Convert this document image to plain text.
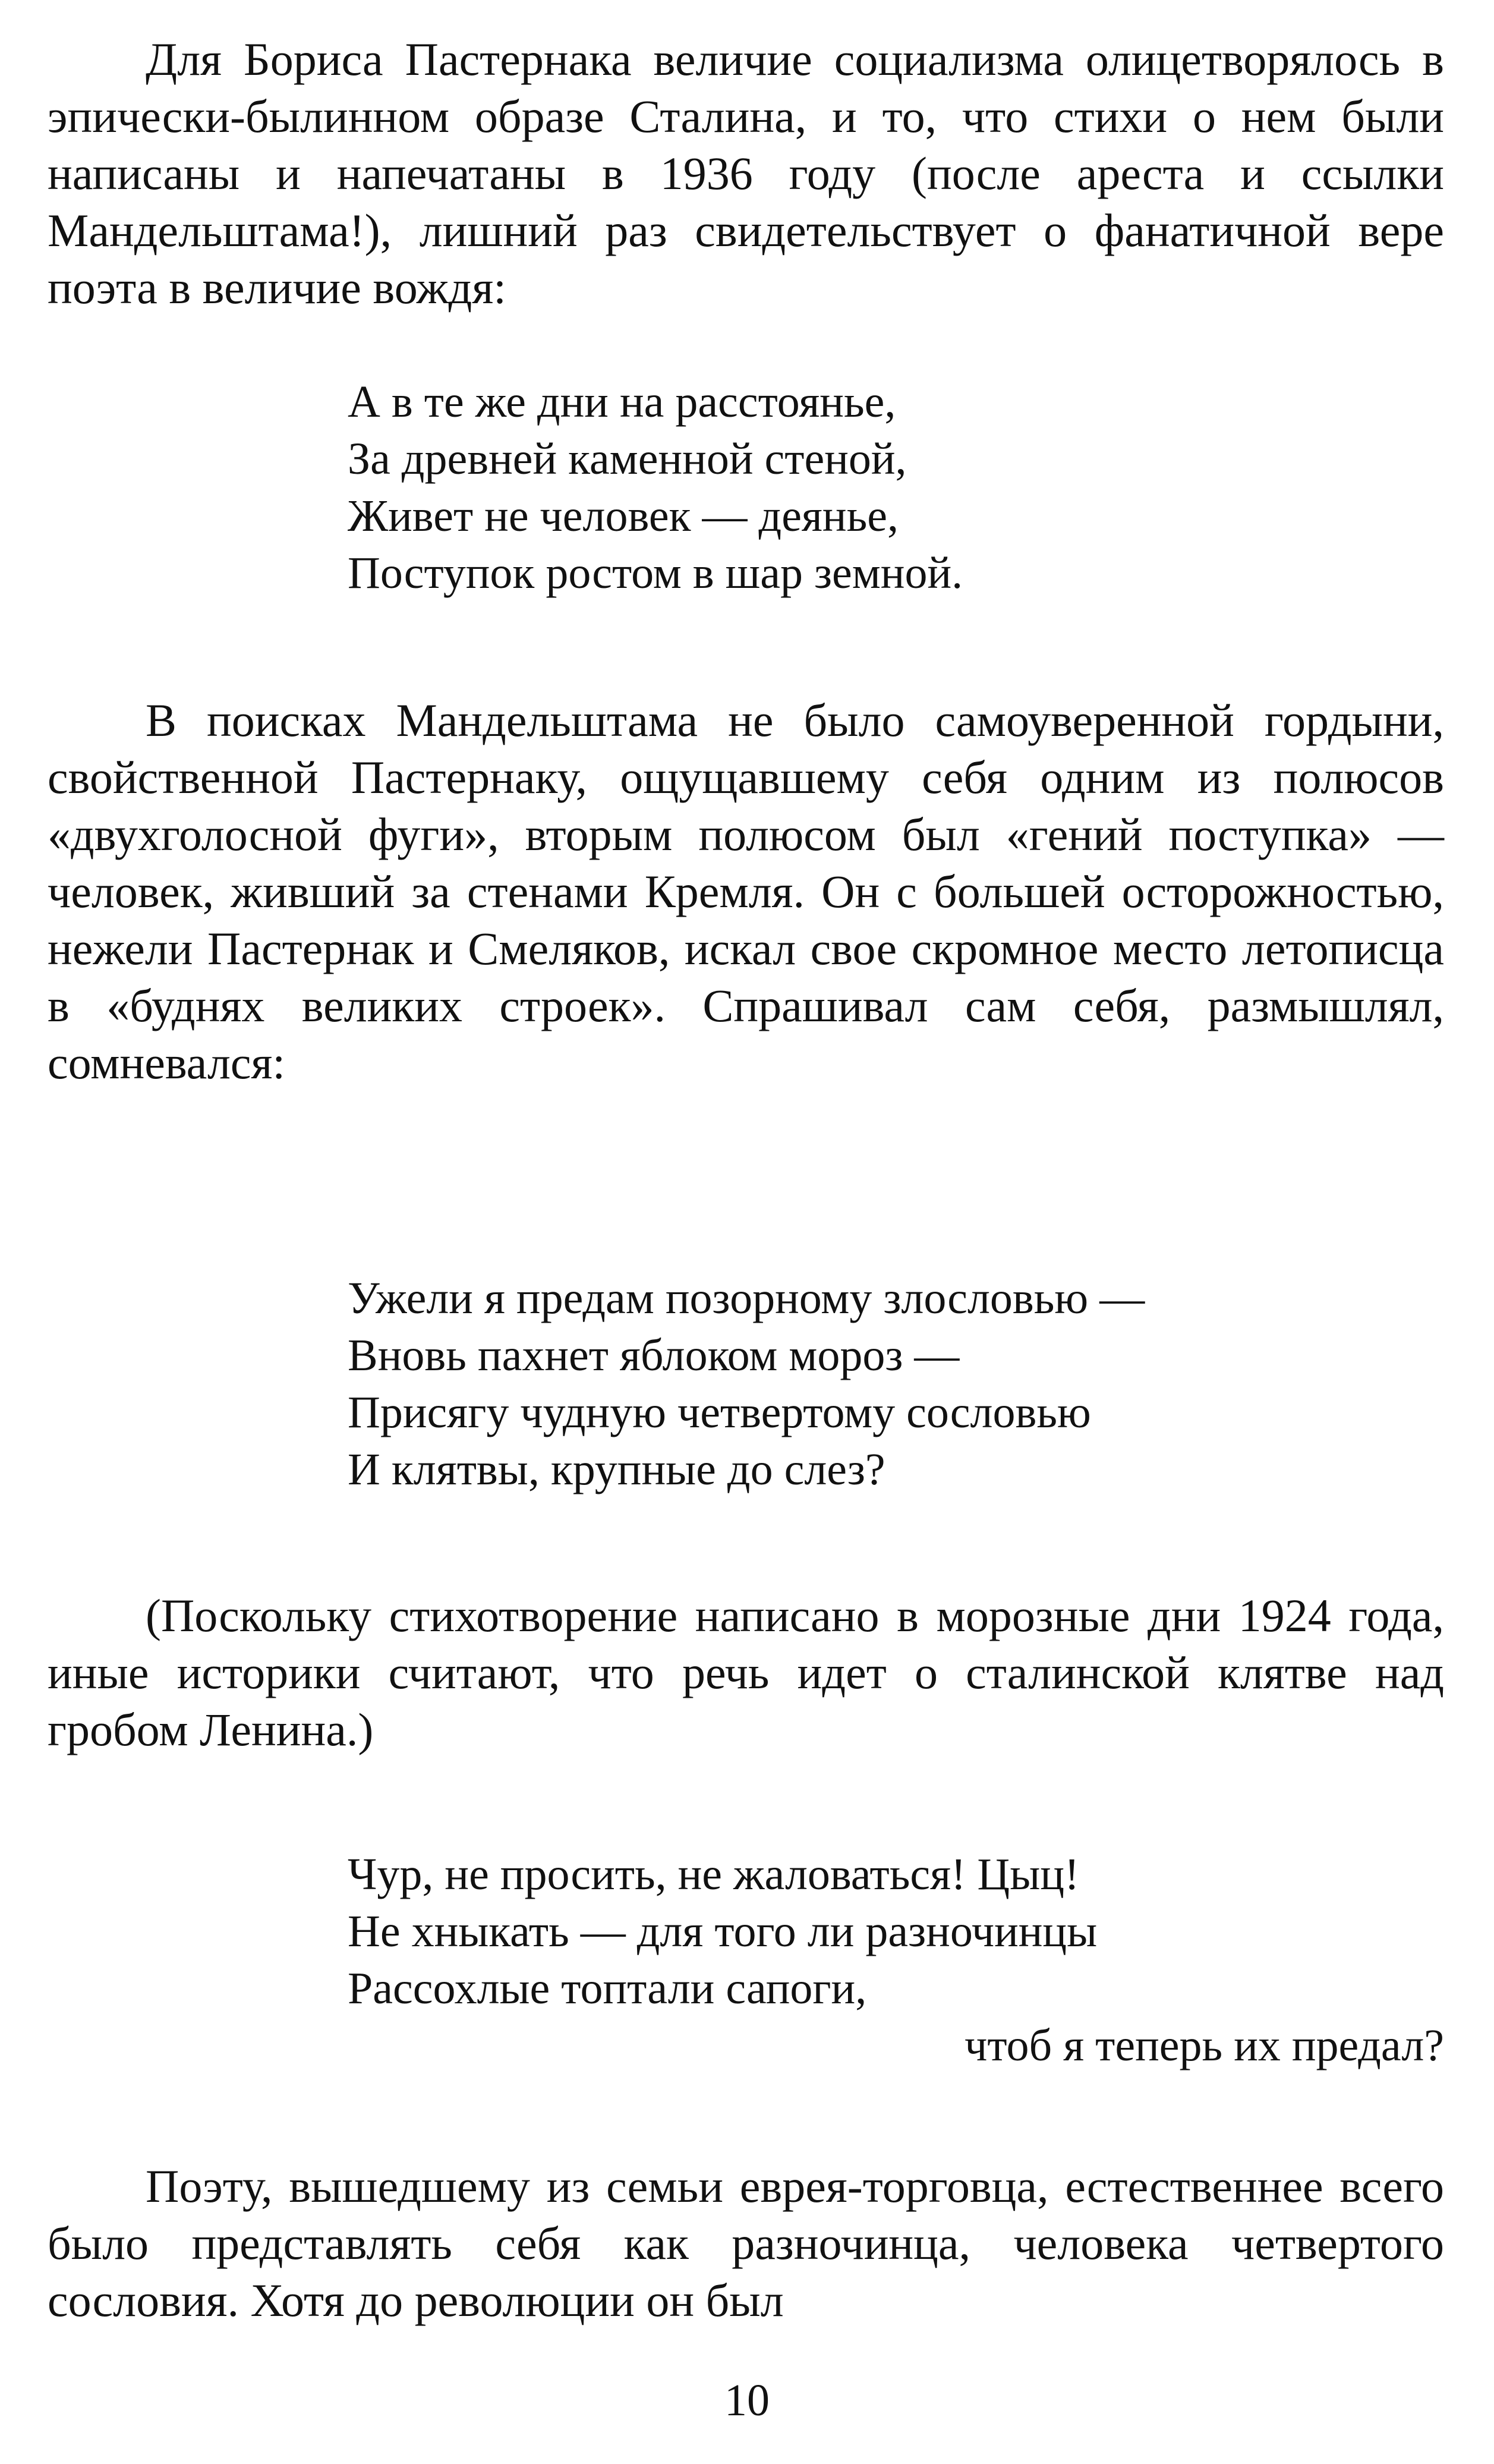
Для Бориса Пастернака величие социализма олицетворялось в эпически-былинном образе Сталина, и то, что стихи о нем были написаны и напечатаны в 1936 году (после ареста и ссылки Мандельштама!), лишний раз свидетельствует о фанатичной вере поэта в величие вождя:

А в те же дни на расстоянье,
За древней каменной стеной,
Живет не человек — деянье,
Поступок ростом в шар земной.

В поисках Мандельштама не было самоуверенной гордыни, свойственной Пастернаку, ощущавшему себя одним из полюсов «двухголосной фуги», вторым полюсом был «гений поступка» — человек, живший за стенами Кремля. Он с большей осторожностью, нежели Пастернак и Смеляков, искал свое скромное место летописца в «буднях великих строек». Спрашивал сам себя, размышлял, сомневался:

Ужели я предам позорному злословью —
Вновь пахнет яблоком мороз —
Присягу чудную четвертому сословью
И клятвы, крупные до слез?

(Поскольку стихотворение написано в морозные дни 1924 года, иные историки считают, что речь идет о сталинской клятве над гробом Ленина.)

Чур, не просить, не жаловаться! Цыц!
Не хныкать — для того ли разночинцы
Рассохлые топтали сапоги,
чтоб я теперь их предал?

Поэту, вышедшему из семьи еврея-торговца, естественнее всего было представлять себя как разночинца, человека четвертого сословия. Хотя до революции он был

10
